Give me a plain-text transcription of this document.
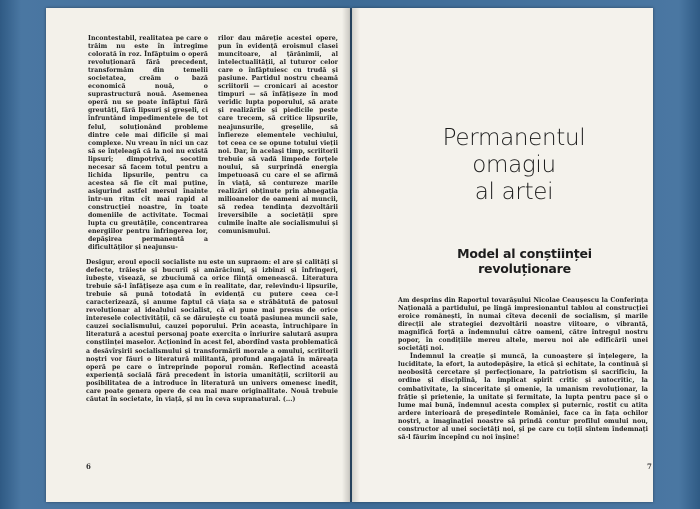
Incontestabil, realitatea pe care o trăim nu este în întregime colorată în roz. Înfăptuim o operă revoluționară fără precedent, transformăm din temelii societatea, creăm o bază economică nouă, o suprastructură nouă. Asemenea operă nu se poate înfăptui fără greutăți, fără lipsuri și greșeli, ci înfruntând impedimentele de tot felul, soluționând probleme dintre cele mai dificile și mai complexe. Nu vreau în nici un caz să se înțeleagă că la noi nu există lipsuri; dimpotrivă, socotim necesar să facem totul pentru a lichida lipsurile, pentru ca acestea să fie cît mai puține, asigurind astfel mersul înainte într-un ritm cît mai rapid al construcției noastre, în toate domeniile de activitate. Tocmai lupta cu greutățile, concentrarea energiilor pentru înfringerea lor, depășirea permanentă a dificultăților și neajunsu-
rilor dau măreție acestei opere, pun în evidență eroismul clasei muncitoare, al țărănimii, al intelectualității, al tuturor celor care o înfăptuiesc cu trudă și pasiune. Partidul nostru cheamă scriitorii — cronicari ai acestor timpuri — să înfățișeze în mod veridic lupta poporului, să arate și realizările și piedicile peste care trecem, să critice lipsurile, neajunsurile, greșelile, să înfiereze elementele vechiului, tot ceea ce se opune totului vieții noi. Dar, în același timp, scriitorii trebuie să vadă limpede forțele noului, să surprindă energia impetuoasă cu care el se afirmă în viață, să contureze marile realizări obținute prin abnegația milioanelor de oameni ai muncii, să redea tendința dezvoltării ireversibile a societății spre culmile înalte ale socialismului și comunismului.
Desigur, eroul epocii socialiste nu este un supraom: el are și calități și defecte, trăiește și bucurii și amărăciuni, și izbinzi și înfringeri, iubește, visează, se zbuciumă ca orice ființă omenească. Literatura trebuie să-l înfățișeze așa cum e în realitate, dar, relevindu-i lipsurile, trebuie să pună totodată în evidență cu putere ceea ce-l caracterizează, și anume faptul că viața sa e străbătută de patosul revoluționar al idealului socialist, că el pune mai presus de orice interesele colectivității, că se dăruiește cu toată pasiunea muncii sale, cauzei socialismului, cauzei poporului. Prin aceasta, întruchipare în literatură a acestui personaj poate exercita o înriurire salutară asupra conștiinței maselor. Acționind în acest fel, abordînd vasta problematică a desăvîrșirii socialismului și transformării morale a omului, scriitorii noștri vor făuri o literatură militantă, profund angajată în măreața operă pe care o întreprinde poporul român. Reflectind această experiență socială fără precedent în istoria umanității, scriitorii au posibilitatea de a introduce în literatură un univers omenesc inedit, care poate genera opere de cea mai mare originalitate. Nouă trebuie căutat în societate, în viață, și nu în ceva supranatural. (...)
6
Permanentul omagiu
al artei
Model al conștiinței revoluționare

Am desprins din Raportul tovarășului Nicolae Ceaușescu la Conferința Națională a partidului, pe lingă impresionantul tablou al construcției eroice românești, în numai cîteva decenii de socialism, și marile direcții ale strategiei dezvoltării noastre viitoare, o vibrantă, magnifică forță a îndemnului către oameni, către întregul nostru popor, în condițiile mereu altele, mereu noi ale edificării unei societăți noi.

Îndemnul la creație și muncă, la cunoaștere și înțelegere, la luciditate, la efort, la autodepășire, la etică și echitate, la continuă și neobosită cercetare și perfecționare, la patriotism și sacrificiu, la ordine și disciplină, la implicat spirit critic și autocritic, la combativitate, la sinceritate și omenie, la umanism revoluționar, la frăție și prietenie, la unitate și fermitate, la lupta pentru pace și o lume mai bună, îndemnul acesta complex și puternic, rostit cu atita ardere interioară de președintele României, face ca în fața ochilor noștri, a imaginației noastre să prindă contur profilul omului nou, constructor al unei societăți noi, și pe care cu toții sîntem îndemnați să-l făurim începînd cu noi înșine!

7
